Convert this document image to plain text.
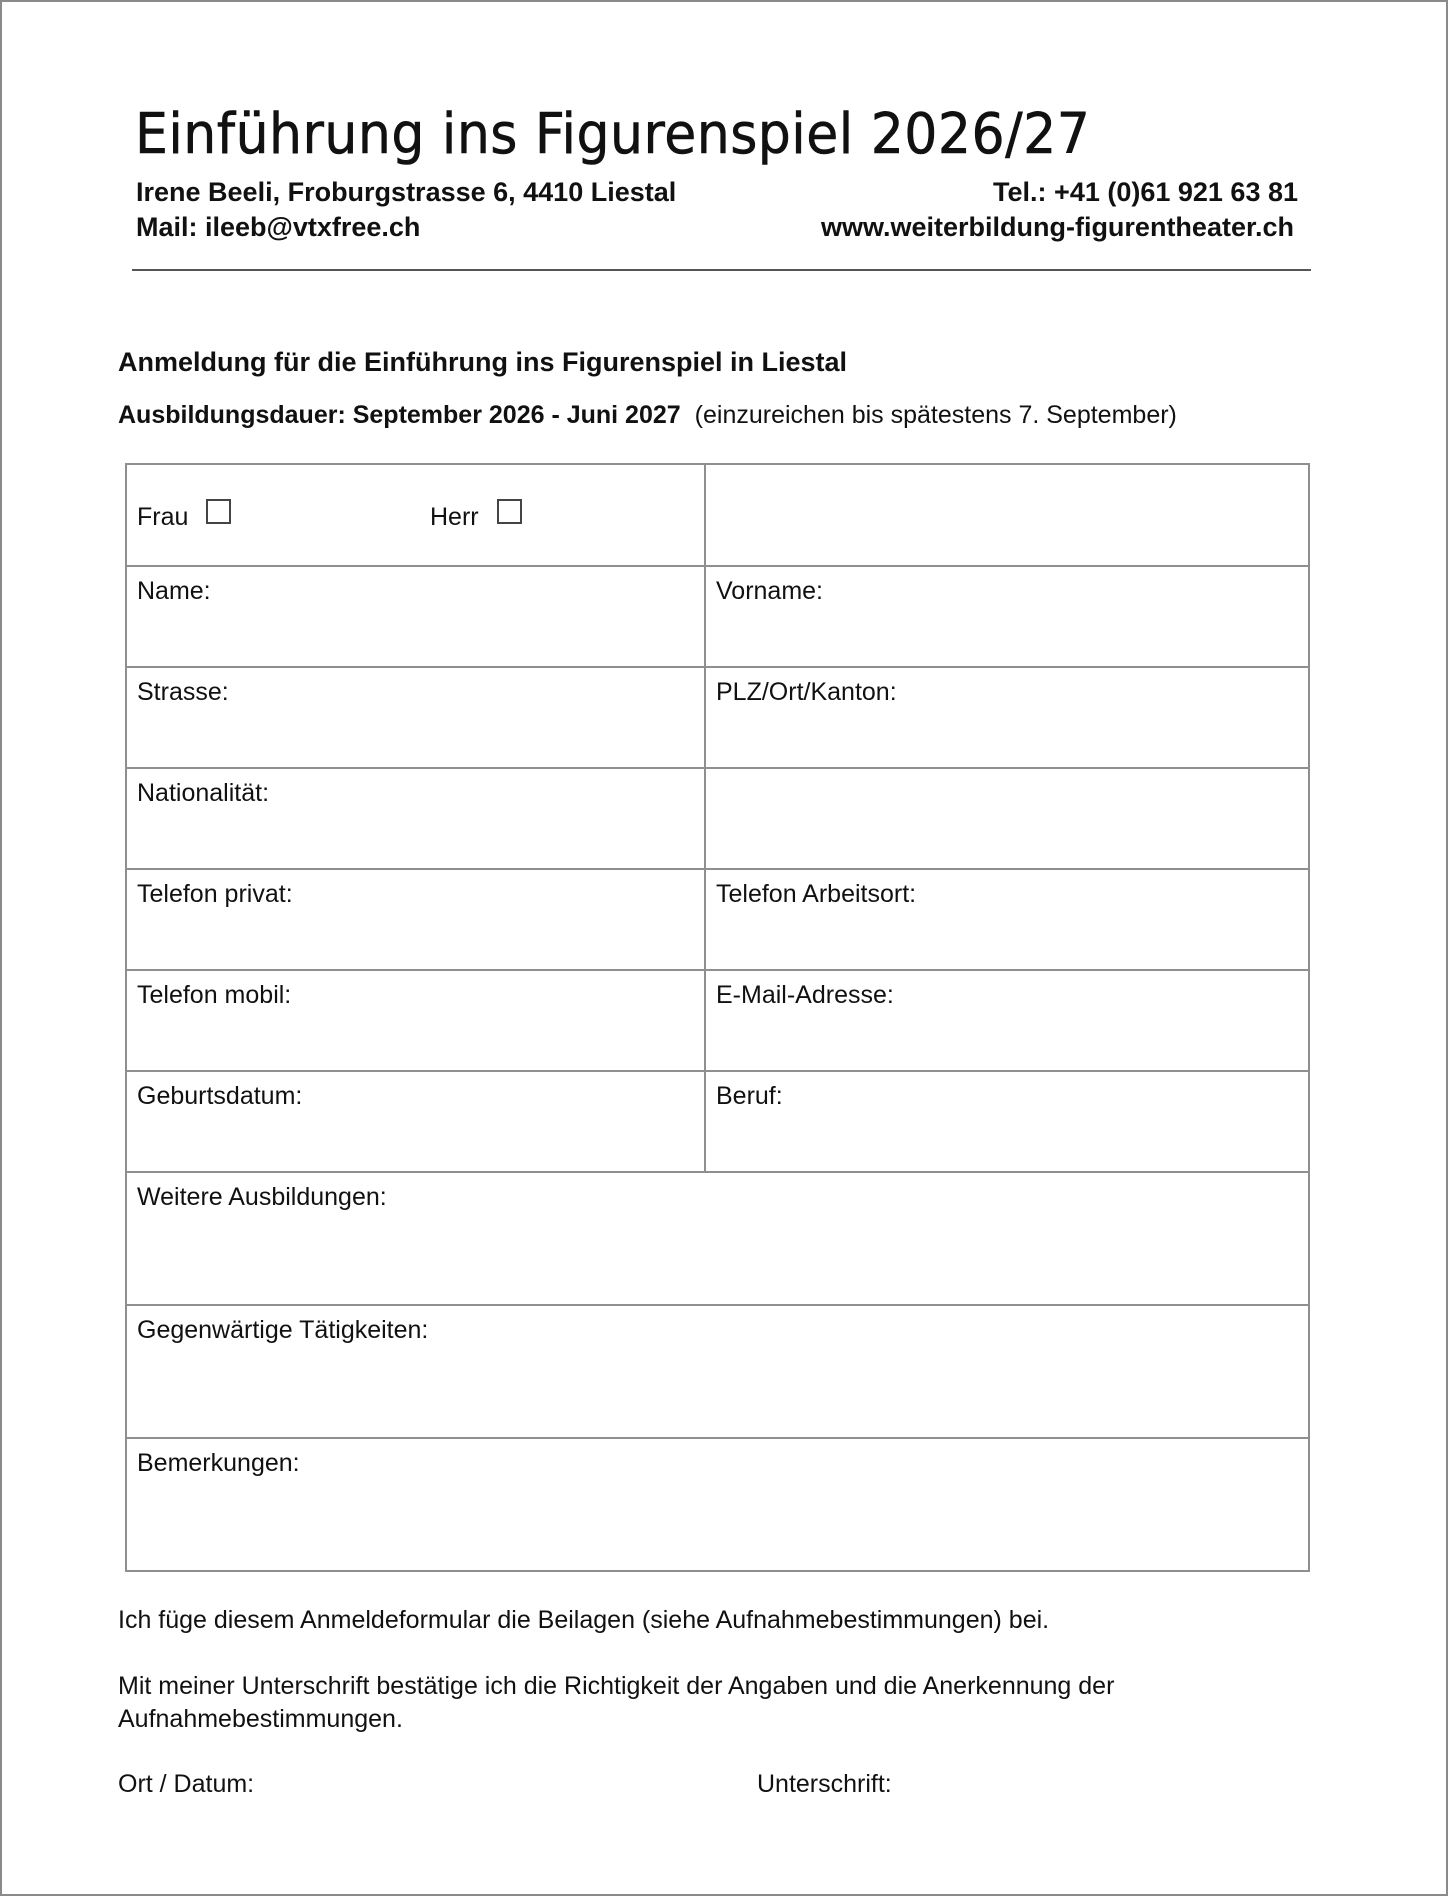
Einführung ins Figurenspiel 2026/27
Irene Beeli, Froburgstrasse 6, 4410 Liestal	Tel.: +41 (0)61 921 63 81
Mail: ileeb@vtxfree.ch	www.weiterbildung-figurentheater.ch
Anmeldung für die Einführung ins Figurenspiel in Liestal
Ausbildungsdauer: September 2026 - Juni 2027 (einzureichen bis spätestens 7. September)
Frau Herr	

Name:	Vorname:
Strasse:	PLZ/Ort/Kanton:
Nationalität:	
Telefon privat:	Telefon Arbeitsort:
Telefon mobil:	E-Mail-Adresse:
Geburtsdatum:	Beruf:
Weitere Ausbildungen:	
Gegenwärtige Tätigkeiten:	
Bemerkungen:	
Ich füge diesem Anmeldeformular die Beilagen (siehe Aufnahmebestimmungen) bei.
Mit meiner Unterschrift bestätige ich die Richtigkeit der Angaben und die Anerkennung der Aufnahmebestimmungen.
Ort / Datum:	Unterschrift:
